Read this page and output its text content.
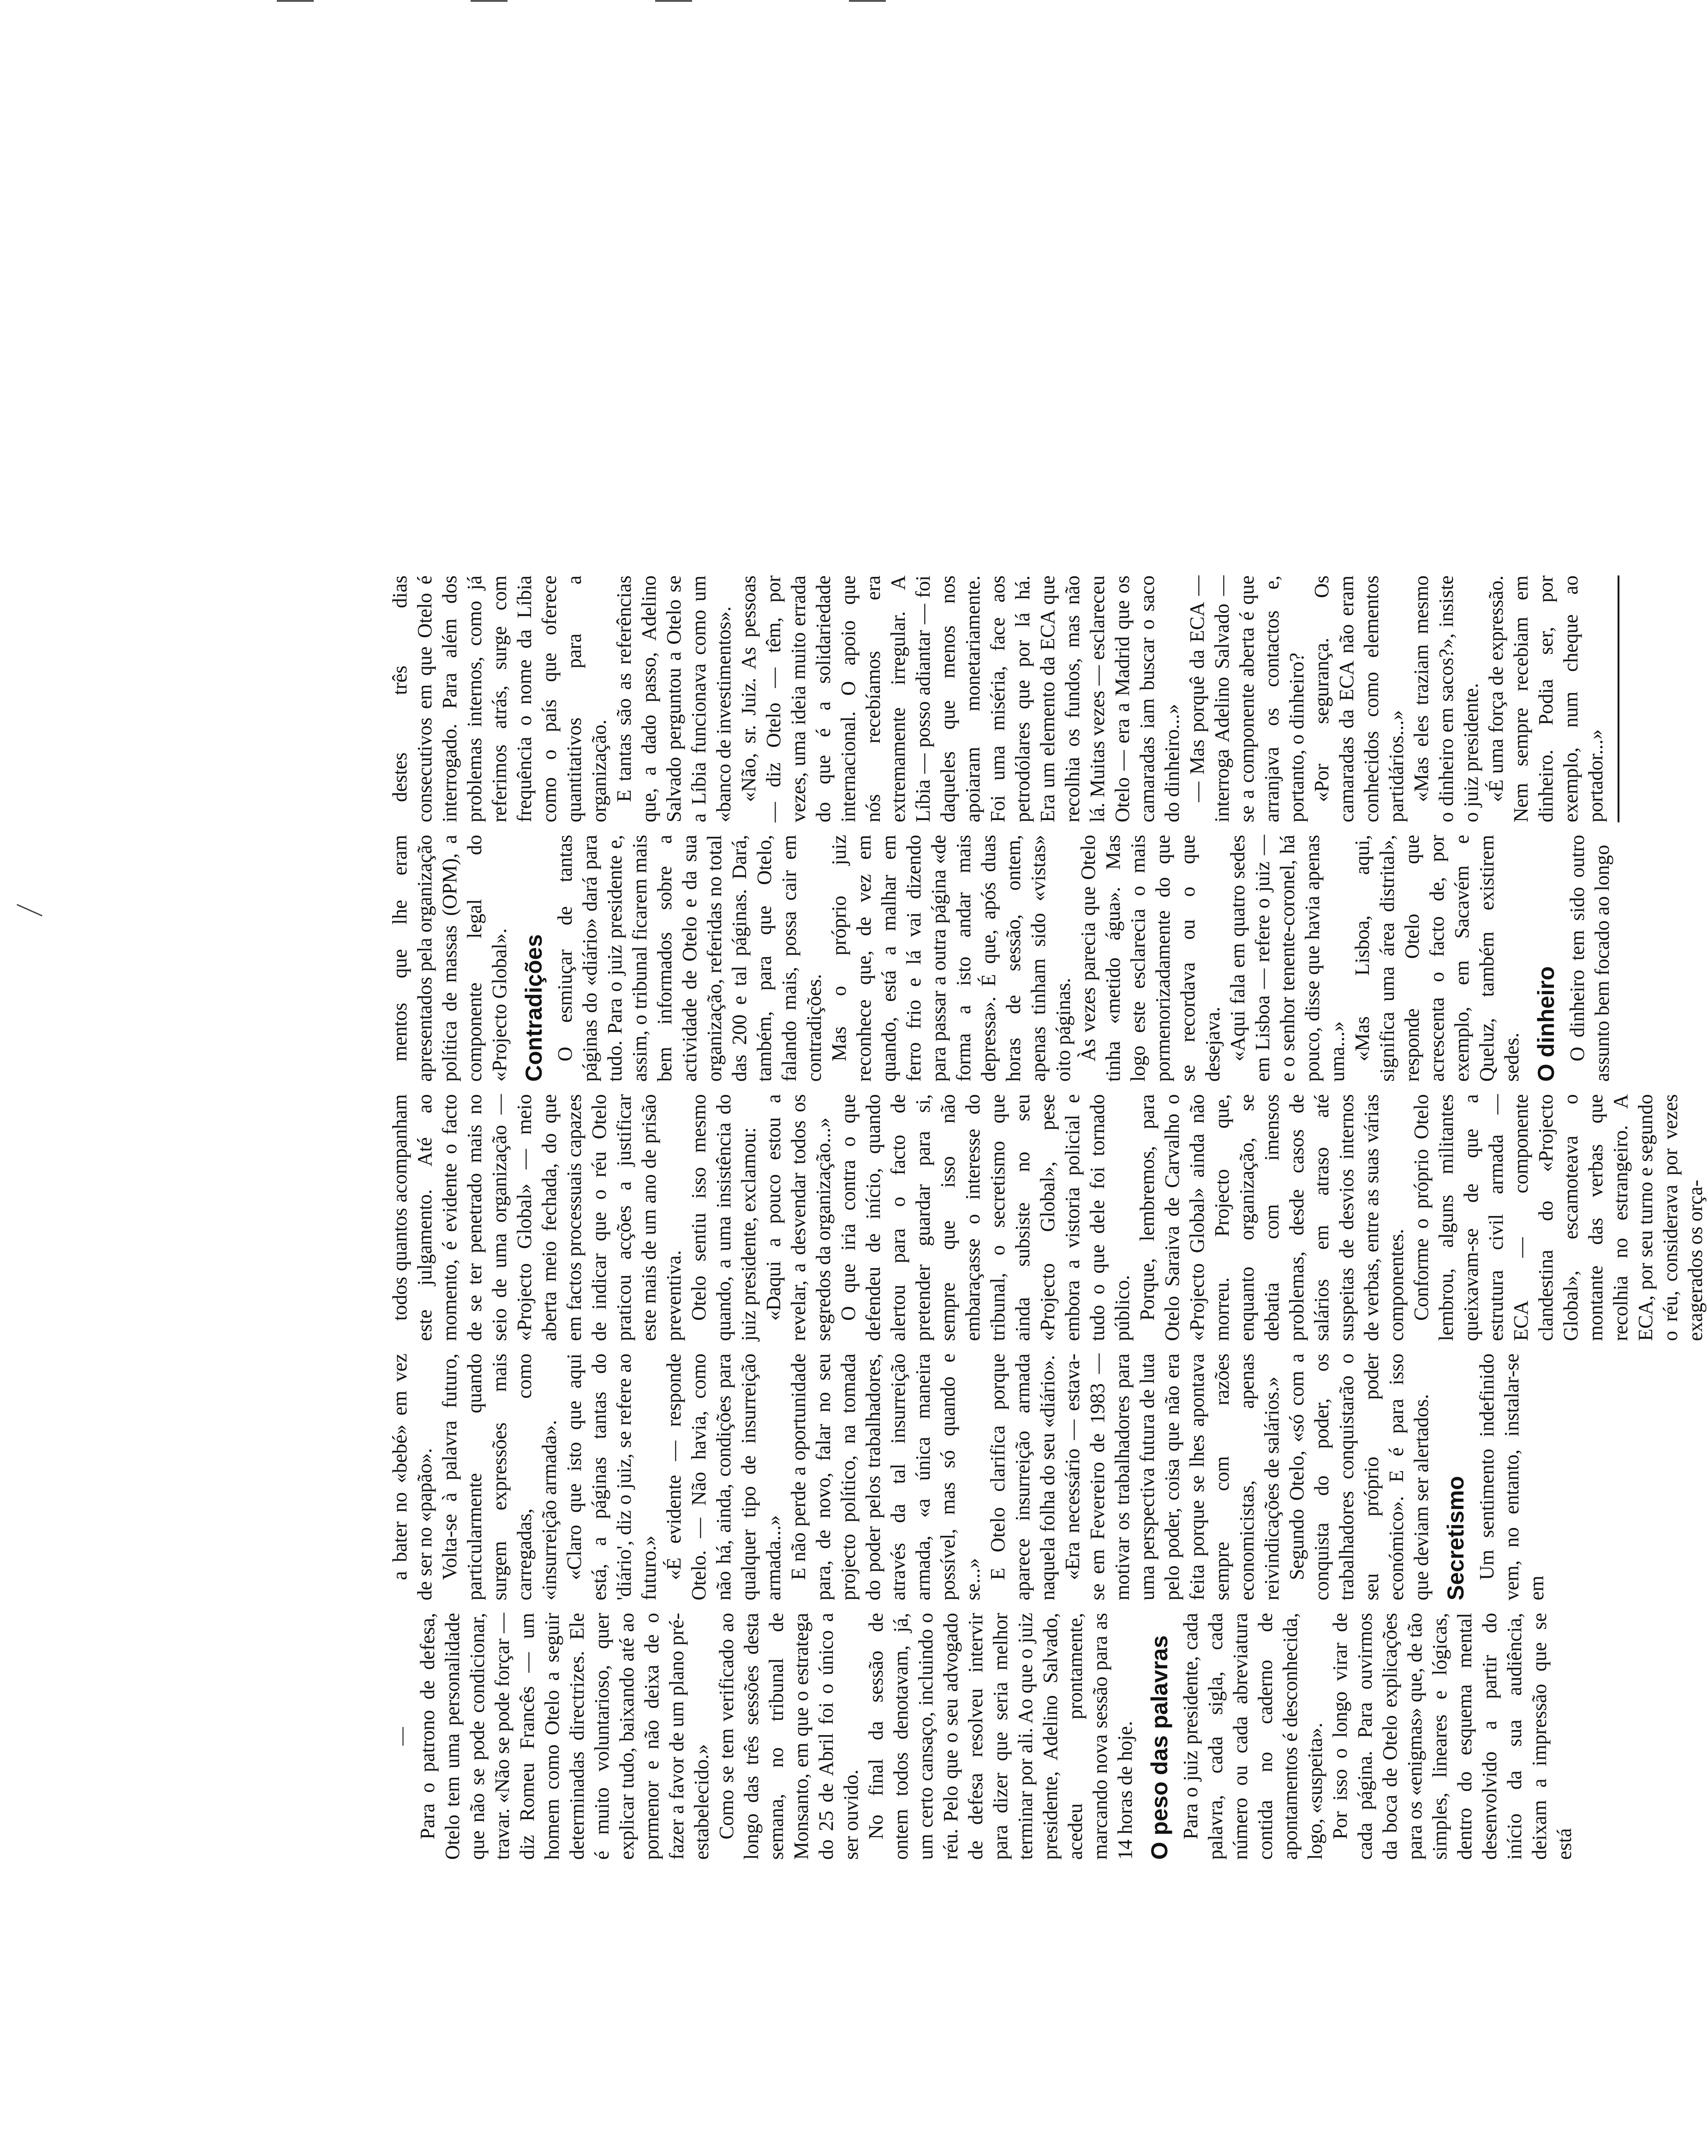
— Para o patrono de defesa, Otelo tem uma personalidade que não se pode condicionar, travar. «Não se pode forçar — diz Romeu Francês — um homem como Otelo a seguir determinadas directrizes. Ele é muito voluntarioso, quer explicar tudo, baixando até ao pormenor e não deixa de o fazer a favor de um plano pré-estabelecido.» Como se tem verificado ao longo das três sessões desta semana, no tribunal de Monsanto, em que o estratega do 25 de Abril foi o único a ser ouvido. No final da sessão de ontem todos denotavam, já, um certo cansaço, incluindo o réu. Pelo que o seu advogado de defesa resolveu intervir para dizer que seria melhor terminar por ali. Ao que o juiz presidente, Adelino Salvado, acedeu prontamente, marcando nova sessão para as 14 horas de hoje. O peso das palavras Para o juiz presidente, cada palavra, cada sigla, cada número ou cada abreviatura contida no caderno de apontamentos é desconhecida, logo, «suspeita». Por isso o longo virar de cada página. Para ouvirmos da boca de Otelo explicações para os «enigmas» que, de tão simples, lineares e lógicas, dentro do esquema mental desenvolvido a partir do início da sua audiência, deixam a impressão que se está

a bater no «bebé» em vez de ser no «papão». Volta-se à palavra futuro, particularmente quando surgem expressões mais carregadas, como «insurreição armada». «Claro que isto que aqui está, a páginas tantas do 'diário', diz o juiz, se refere ao futuro.» «É evidente — responde Otelo. — Não havia, como não há, ainda, condições para qualquer tipo de insurreição armada...» E não perde a oportunidade para, de novo, falar no seu projecto político, na tomada do poder pelos trabalhadores, através da tal insurreição armada, «a única maneira possível, mas só quando e se...» E Otelo clarifica porque aparece insurreição armada naquela folha do seu «diário». «Era necessário — estava-se em Fevereiro de 1983 — motivar os trabalhadores para uma perspectiva futura de luta pelo poder, coisa que não era feita porque se lhes apontava sempre com razões economicistas, apenas reivindicações de salários.» Segundo Otelo, «só com a conquista do poder, os trabalhadores conquistarão o seu próprio poder económico». E é para isso que deviam ser alertados. Secretismo Um sentimento indefinido vem, no entanto, instalar-se em

todos quantos acompanham este julgamento. Até ao momento, é evidente o facto de se ter penetrado mais no seio de uma organização — «Projecto Global» — meio aberta meio fechada, do que em factos processuais capazes de indicar que o réu Otelo praticou acções a justificar este mais de um ano de prisão preventiva. Otelo sentiu isso mesmo quando, a uma insistência do juiz presidente, exclamou: «Daqui a pouco estou a revelar, a desvendar todos os segredos da organização...» O que iria contra o que defendeu de início, quando alertou para o facto de pretender guardar para si, sempre que isso não embaraçasse o interesse do tribunal, o secretismo que ainda subsiste no seu «Projecto Global», pese embora a vistoria policial e tudo o que dele foi tornado público. Porque, lembremos, para Otelo Saraiva de Carvalho o «Projecto Global» ainda não morreu. Projecto que, enquanto organização, se debatia com imensos problemas, desde casos de salários em atraso até suspeitas de desvios internos de verbas, entre as suas várias componentes. Conforme o próprio Otelo lembrou, alguns militantes queixavam-se de que a estrutura civil armada — ECA — componente clandestina do «Projecto Global», escamoteava o montante das verbas que recolhia no estrangeiro. A ECA, por seu turno e segundo o réu, considerava por vezes exagerados os orça-

mentos que lhe eram apresentados pela organização política de massas (OPM), a componente legal do «Projecto Global». Contradições O esmiuçar de tantas páginas do «diário» dará para tudo. Para o juiz presidente e, assim, o tribunal ficarem mais bem informados sobre a actividade de Otelo e da sua organização, referidas no total das 200 e tal páginas. Dará, também, para que Otelo, falando mais, possa cair em contradições. Mas o próprio juiz reconhece que, de vez em quando, está a malhar em ferro frio e lá vai dizendo para passar a outra página «de forma a isto andar mais depressa». É que, após duas horas de sessão, ontem, apenas tinham sido «vistas» oito páginas. Às vezes parecia que Otelo tinha «metido água». Mas logo este esclarecia o mais pormenorizadamente do que se recordava ou o que desejava. «Aqui fala em quatro sedes em Lisboa — refere o juiz — e o senhor tenente-coronel, há pouco, disse que havia apenas uma...» «Mas Lisboa, aqui, significa uma área distrital», responde Otelo que acrescenta o facto de, por exemplo, em Sacavém e Queluz, também existirem sedes. O dinheiro O dinheiro tem sido outro assunto bem focado ao longo

destes três dias consecutivos em que Otelo é interrogado. Para além dos problemas internos, como já referimos atrás, surge com frequência o nome da Líbia como o país que oferece quantitativos para a organização. E tantas são as referências que, a dado passo, Adelino Salvado perguntou a Otelo se a Líbia funcionava como um «banco de investimentos». «Não, sr. Juiz. As pessoas — diz Otelo — têm, por vezes, uma ideia muito errada do que é a solidariedade internacional. O apoio que nós recebíamos era extremamente irregular. A Líbia — posso adiantar — foi daqueles que menos nos apoiaram monetariamente. Foi uma miséria, face aos petrodólares que por lá há. Era um elemento da ECA que recolhia os fundos, mas não lá. Muitas vezes — esclareceu Otelo — era a Madrid que os camaradas iam buscar o saco do dinheiro...» — Mas porquê da ECA — interroga Adelino Salvado — se a componente aberta é que arranjava os contactos e, portanto, o dinheiro? «Por segurança. Os camaradas da ECA não eram conhecidos como elementos partidários...» «Mas eles traziam mesmo o dinheiro em sacos?», insiste o juiz presidente. «É uma força de expressão. Nem sempre recebiam em dinheiro. Podia ser, por exemplo, num cheque ao portador...»
